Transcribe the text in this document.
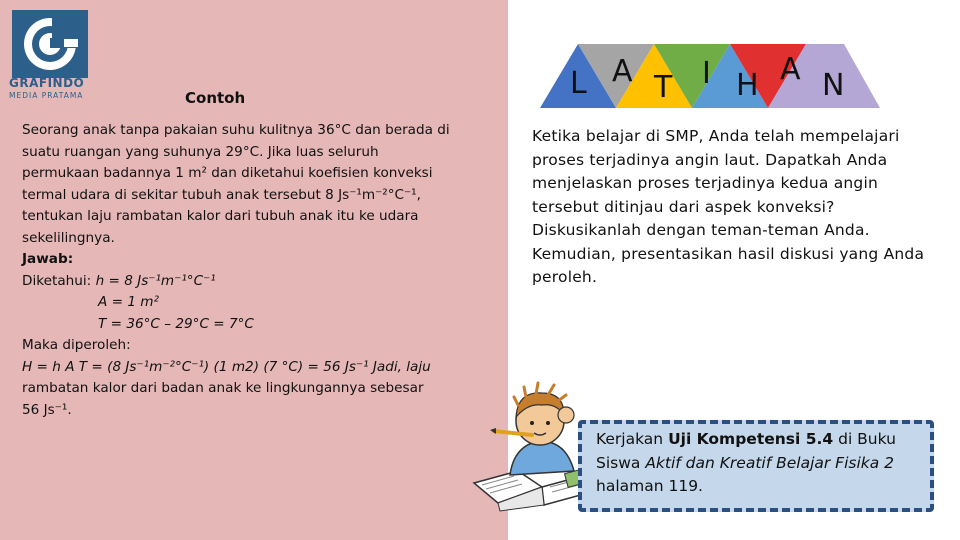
GRAFINDO
MEDIA PRATAMA	Contoh

Seorang anak tanpa pakaian suhu kulitnya 36°C dan berada di

suatu ruangan yang suhunya 29°C. Jika luas seluruh

permukaan badannya 1 m² dan diketahui koefisien konveksi

termal udara di sekitar tubuh anak tersebut 8 Js⁻¹m⁻²°C⁻¹,

tentukan laju rambatan kalor dari tubuh anak itu ke udara

sekelilingnya.

Jawab:

Diketahui: h = 8 Js⁻¹m⁻¹°C⁻¹

A = 1 m²

T = 36°C – 29°C = 7°C

Maka diperoleh:

H = h A T = (8 Js⁻¹m⁻²°C⁻¹) (1 m2) (7 °C) = 56 Js⁻¹ Jadi, laju

rambatan kalor dari badan anak ke lingkungannya sebesar

56 Js⁻¹.

L A T I H A N
Ketika belajar di SMP, Anda telah mempelajari
proses terjadinya angin laut. Dapatkah Anda
menjelaskan proses terjadinya kedua angin
tersebut ditinjau dari aspek konveksi?
Diskusikanlah dengan teman-teman Anda.
Kemudian, presentasikan hasil diskusi yang Anda
peroleh.
Kerjakan Uji Kompetensi 5.4 di Buku
Siswa Aktif dan Kreatif Belajar Fisika 2
halaman 119.
